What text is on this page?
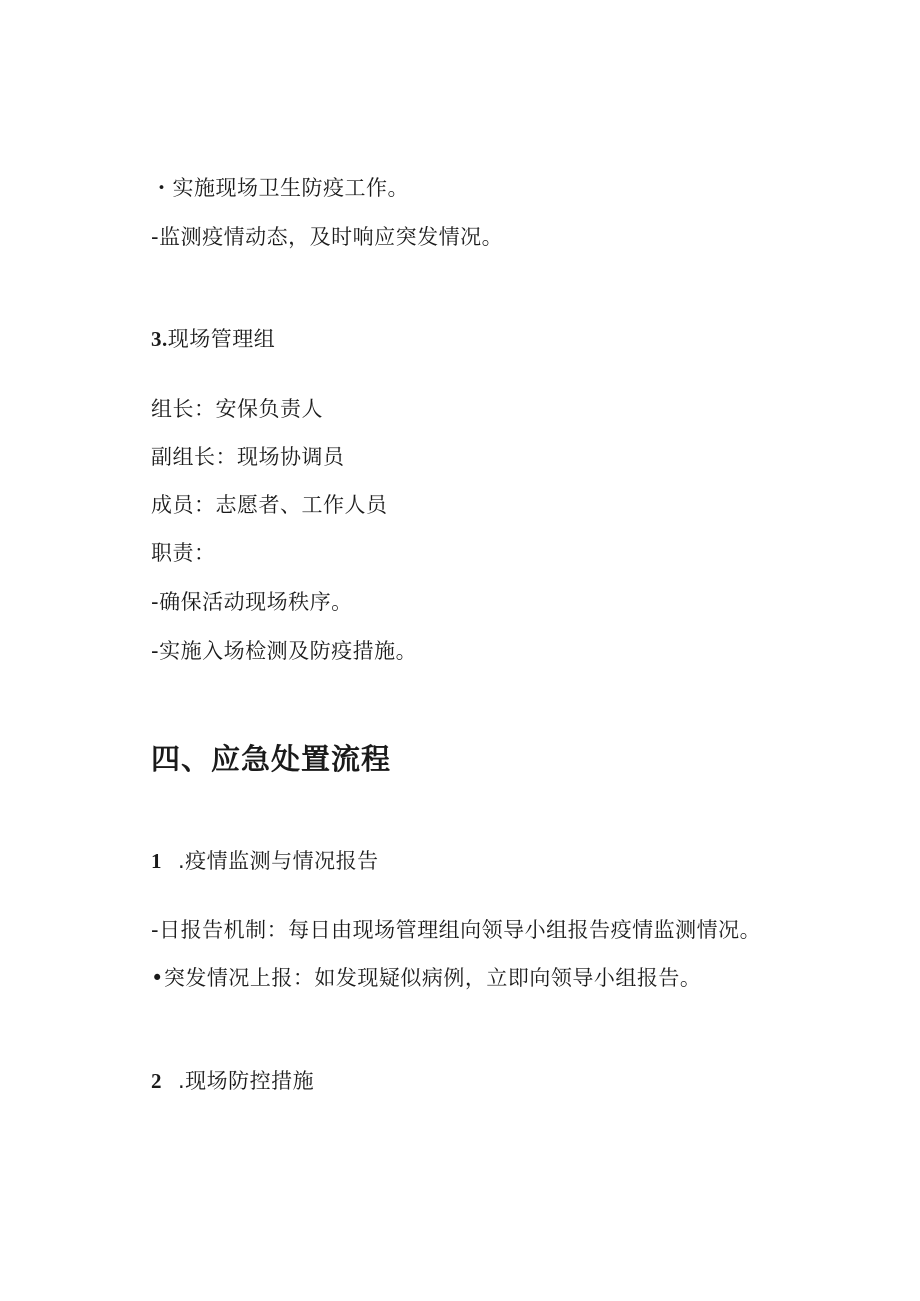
・实施现场卫生防疫工作。
-监测疫情动态，及时响应突发情况。
3.现场管理组
组长：安保负责人
副组长：现场协调员
成员：志愿者、工作人员
职责：
-确保活动现场秩序。
-实施入场检测及防疫措施。
四、应急处置流程
1 .疫情监测与情况报告
-日报告机制：每日由现场管理组向领导小组报告疫情监测情况。
•突发情况上报：如发现疑似病例，立即向领导小组报告。
2 .现场防控措施
